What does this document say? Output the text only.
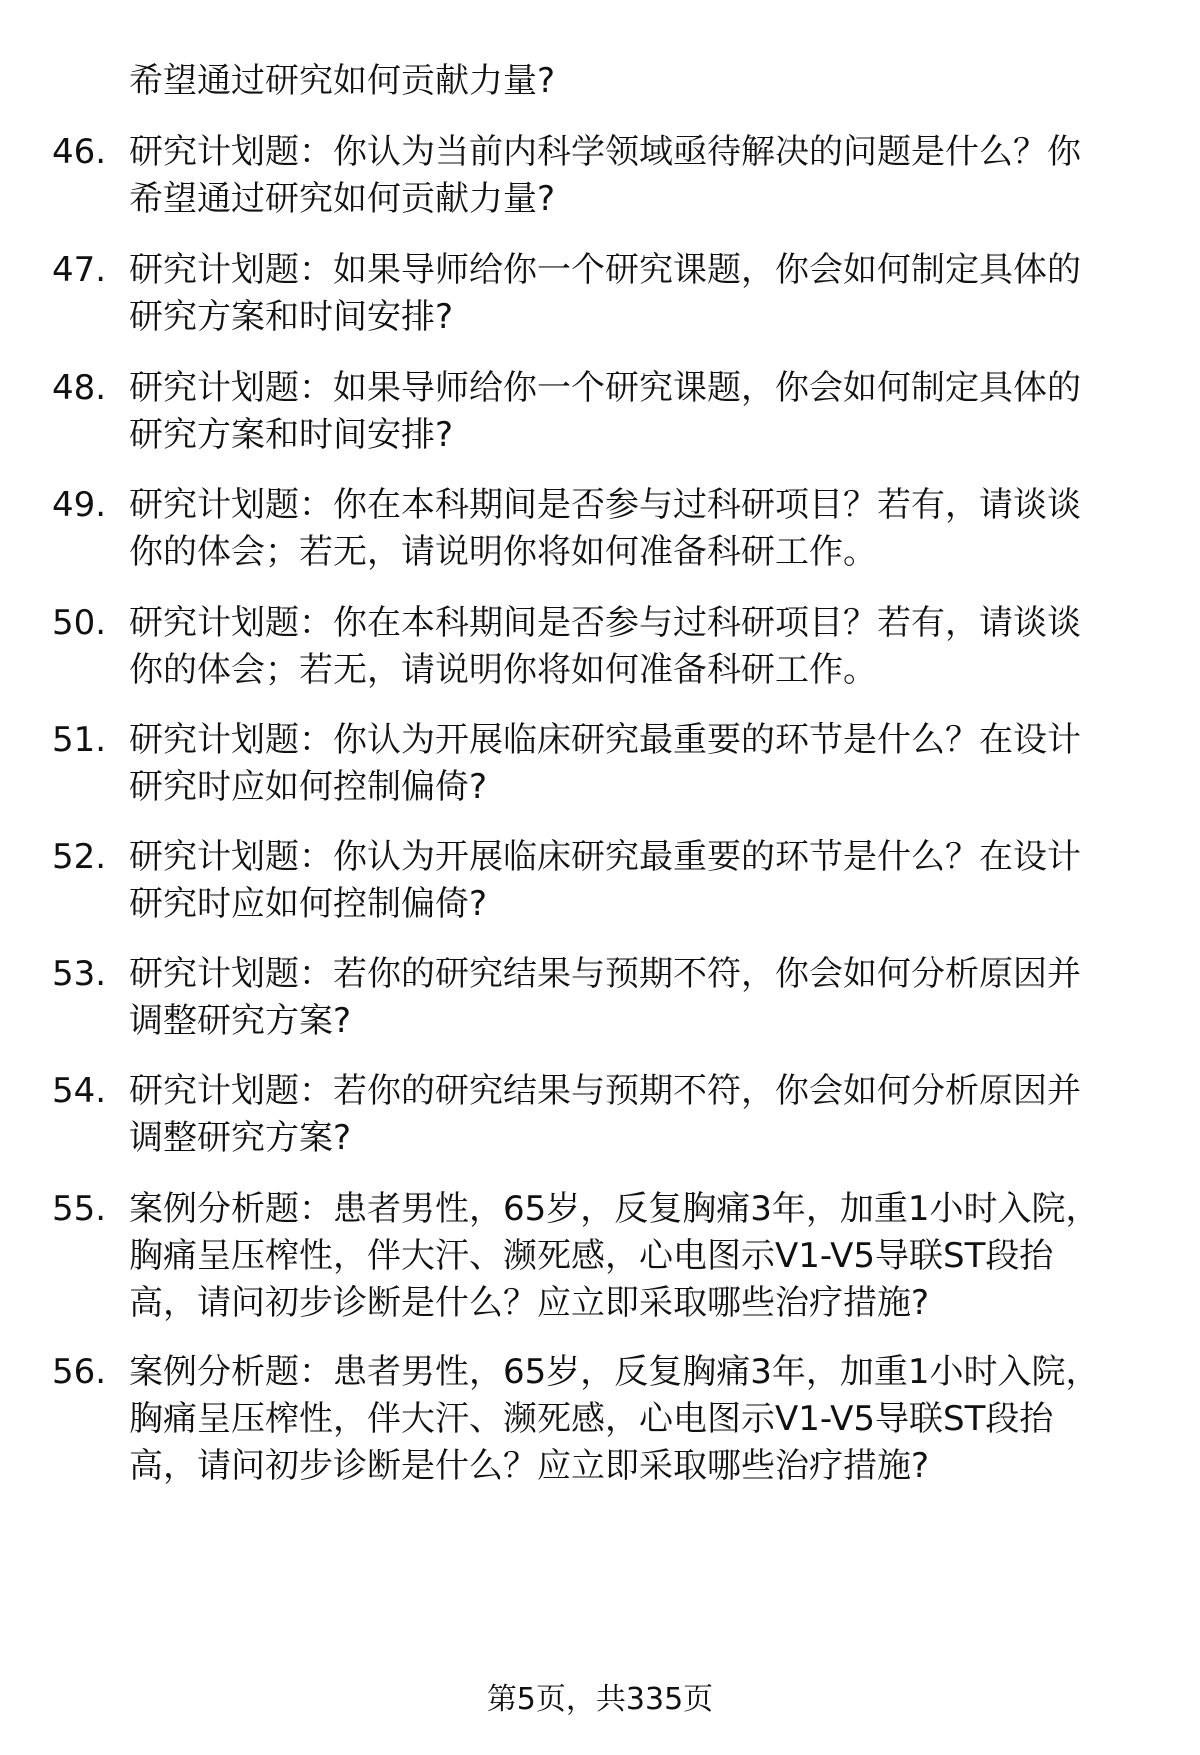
希望通过研究如何贡献力量?
46. 研究计划题：你认为当前内科学领域亟待解决的问题是什么？你
希望通过研究如何贡献力量?
47. 研究计划题：如果导师给你一个研究课题，你会如何制定具体的
研究方案和时间安排?
48. 研究计划题：如果导师给你一个研究课题，你会如何制定具体的
研究方案和时间安排?
49. 研究计划题：你在本科期间是否参与过科研项目？若有，请谈谈
你的体会；若无，请说明你将如何准备科研工作。
50. 研究计划题：你在本科期间是否参与过科研项目？若有，请谈谈
你的体会；若无，请说明你将如何准备科研工作。
51. 研究计划题：你认为开展临床研究最重要的环节是什么？在设计
研究时应如何控制偏倚?
52. 研究计划题：你认为开展临床研究最重要的环节是什么？在设计
研究时应如何控制偏倚?
53. 研究计划题：若你的研究结果与预期不符，你会如何分析原因并
调整研究方案?
54. 研究计划题：若你的研究结果与预期不符，你会如何分析原因并
调整研究方案?
55. 案例分析题：患者男性，65岁，反复胸痛3年，加重1小时入院，
胸痛呈压榨性，伴大汗、濒死感，心电图示V1-V5导联ST段抬
高，请问初步诊断是什么？应立即采取哪些治疗措施?
56. 案例分析题：患者男性，65岁，反复胸痛3年，加重1小时入院，
胸痛呈压榨性，伴大汗、濒死感，心电图示V1-V5导联ST段抬
高，请问初步诊断是什么？应立即采取哪些治疗措施?
第5页，共335页
